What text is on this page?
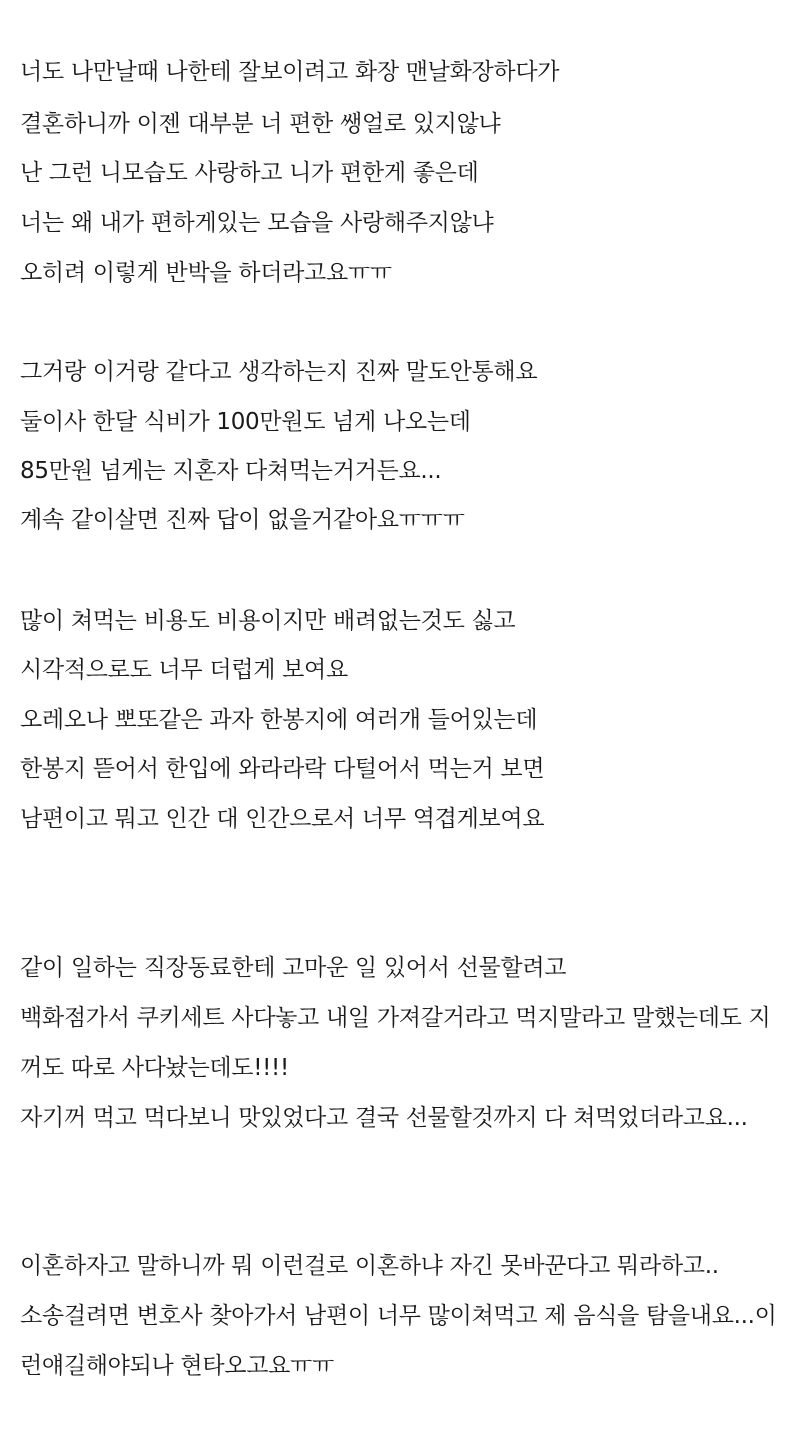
너도 나만날때 나한테 잘보이려고 화장 맨날화장하다가
결혼하니까 이젠 대부분 너 편한 쌩얼로 있지않냐
난 그런 니모습도 사랑하고 니가 편한게 좋은데
너는 왜 내가 편하게있는 모습을 사랑해주지않냐
오히려 이렇게 반박을 하더라고요ㅠㅠ
그거랑 이거랑 같다고 생각하는지 진짜 말도안통해요
둘이사 한달 식비가 100만원도 넘게 나오는데
85만원 넘게는 지혼자 다쳐먹는거거든요...
계속 같이살면 진짜 답이 없을거같아요ㅠㅠㅠ
많이 쳐먹는 비용도 비용이지만 배려없는것도 싫고
시각적으로도 너무 더럽게 보여요
오레오나 뽀또같은 과자 한봉지에 여러개 들어있는데
한봉지 뜯어서 한입에 와라라락 다털어서 먹는거 보면
남편이고 뭐고 인간 대 인간으로서 너무 역겹게보여요
같이 일하는 직장동료한테 고마운 일 있어서 선물할려고
백화점가서 쿠키세트 사다놓고 내일 가져갈거라고 먹지말라고 말했는데도 지
꺼도 따로 사다놨는데도!!!!
자기꺼 먹고 먹다보니 맛있었다고 결국 선물할것까지 다 쳐먹었더라고요...
이혼하자고 말하니까 뭐 이런걸로 이혼하냐 자긴 못바꾼다고 뭐라하고..
소송걸려면 변호사 찾아가서 남편이 너무 많이쳐먹고 제 음식을 탐을내요...이
런얘길해야되나 현타오고요ㅠㅠ
